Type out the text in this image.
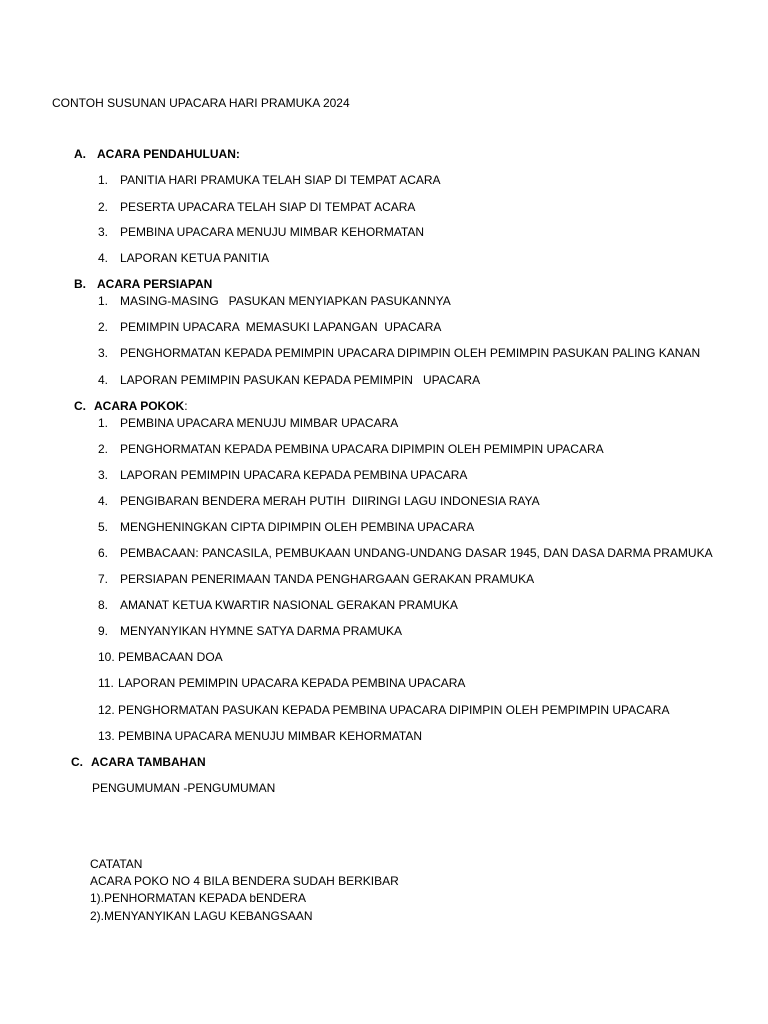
CONTOH SUSUNAN UPACARA HARI PRAMUKA 2024
A. ACARA PENDAHULUAN:
1. PANITIA HARI PRAMUKA TELAH SIAP DI TEMPAT ACARA
2. PESERTA UPACARA TELAH SIAP DI TEMPAT ACARA
3. PEMBINA UPACARA MENUJU MIMBAR KEHORMATAN
4. LAPORAN KETUA PANITIA
B. ACARA PERSIAPAN
1. MASING-MASING   PASUKAN MENYIAPKAN PASUKANNYA
2. PEMIMPIN UPACARA  MEMASUKI LAPANGAN  UPACARA
3. PENGHORMATAN KEPADA PEMIMPIN UPACARA DIPIMPIN OLEH PEMIMPIN PASUKAN PALING KANAN
4. LAPORAN PEMIMPIN PASUKAN KEPADA PEMIMPIN   UPACARA
C. ACARA POKOK:
1. PEMBINA UPACARA MENUJU MIMBAR UPACARA
2. PENGHORMATAN KEPADA PEMBINA UPACARA DIPIMPIN OLEH PEMIMPIN UPACARA
3. LAPORAN PEMIMPIN UPACARA KEPADA PEMBINA UPACARA
4. PENGIBARAN BENDERA MERAH PUTIH  DIIRINGI LAGU INDONESIA RAYA
5. MENGHENINGKAN CIPTA DIPIMPIN OLEH PEMBINA UPACARA
6. PEMBACAAN: PANCASILA, PEMBUKAAN UNDANG-UNDANG DASAR 1945, DAN DASA DARMA PRAMUKA
7. PERSIAPAN PENERIMAAN TANDA PENGHARGAAN GERAKAN PRAMUKA
8. AMANAT KETUA KWARTIR NASIONAL GERAKAN PRAMUKA
9. MENYANYIKAN HYMNE SATYA DARMA PRAMUKA
10. PEMBACAAN DOA
11. LAPORAN PEMIMPIN UPACARA KEPADA PEMBINA UPACARA
12. PENGHORMATAN PASUKAN KEPADA PEMBINA UPACARA DIPIMPIN OLEH PEMPIMPIN UPACARA
13. PEMBINA UPACARA MENUJU MIMBAR KEHORMATAN
C. ACARA TAMBAHAN
PENGUMUMAN -PENGUMUMAN
CATATAN
ACARA POKO NO 4 BILA BENDERA SUDAH BERKIBAR
1).PENHORMATAN KEPADA bENDERA
2).MENYANYIKAN LAGU KEBANGSAAN
